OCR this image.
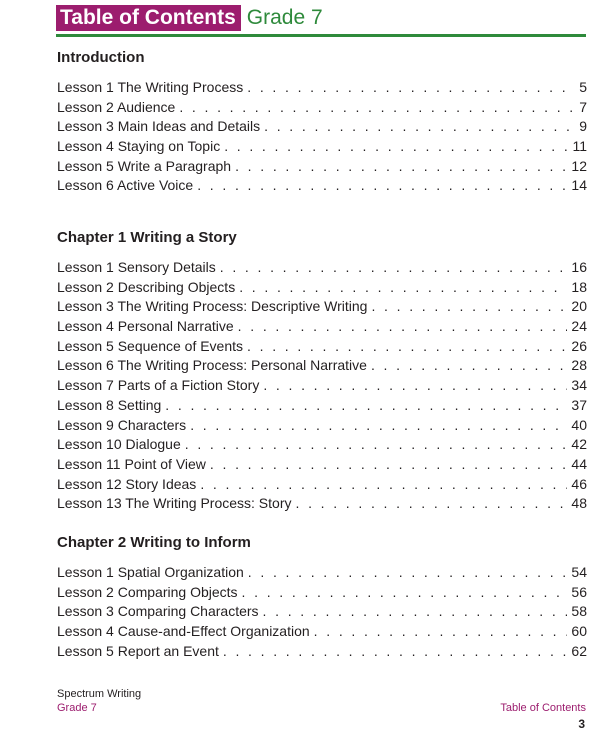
Table of Contents Grade 7
Introduction
Lesson 1 The Writing Process . . .	5
Lesson 2 Audience . . .	7
Lesson 3 Main Ideas and Details . . .	9
Lesson 4 Staying on Topic . . .	11
Lesson 5 Write a Paragraph . . .	12
Lesson 6 Active Voice . . .	14
Chapter 1 Writing a Story
Lesson 1 Sensory Details . . .	16
Lesson 2 Describing Objects . . .	18
Lesson 3 The Writing Process: Descriptive Writing . . .	20
Lesson 4 Personal Narrative . . .	24
Lesson 5 Sequence of Events . . .	26
Lesson 6 The Writing Process: Personal Narrative . . .	28
Lesson 7 Parts of a Fiction Story . . .	34
Lesson 8 Setting . . .	37
Lesson 9 Characters . . .	40
Lesson 10 Dialogue . . .	42
Lesson 11 Point of View . . .	44
Lesson 12 Story Ideas . . .	46
Lesson 13 The Writing Process: Story . . .	48
Chapter 2 Writing to Inform
Lesson 1 Spatial Organization . . .	54
Lesson 2 Comparing Objects . . .	56
Lesson 3 Comparing Characters . . .	58
Lesson 4 Cause-and-Effect Organization . . .	60
Lesson 5 Report an Event . . .	62
Spectrum Writing
Grade 7	Table of Contents
3
